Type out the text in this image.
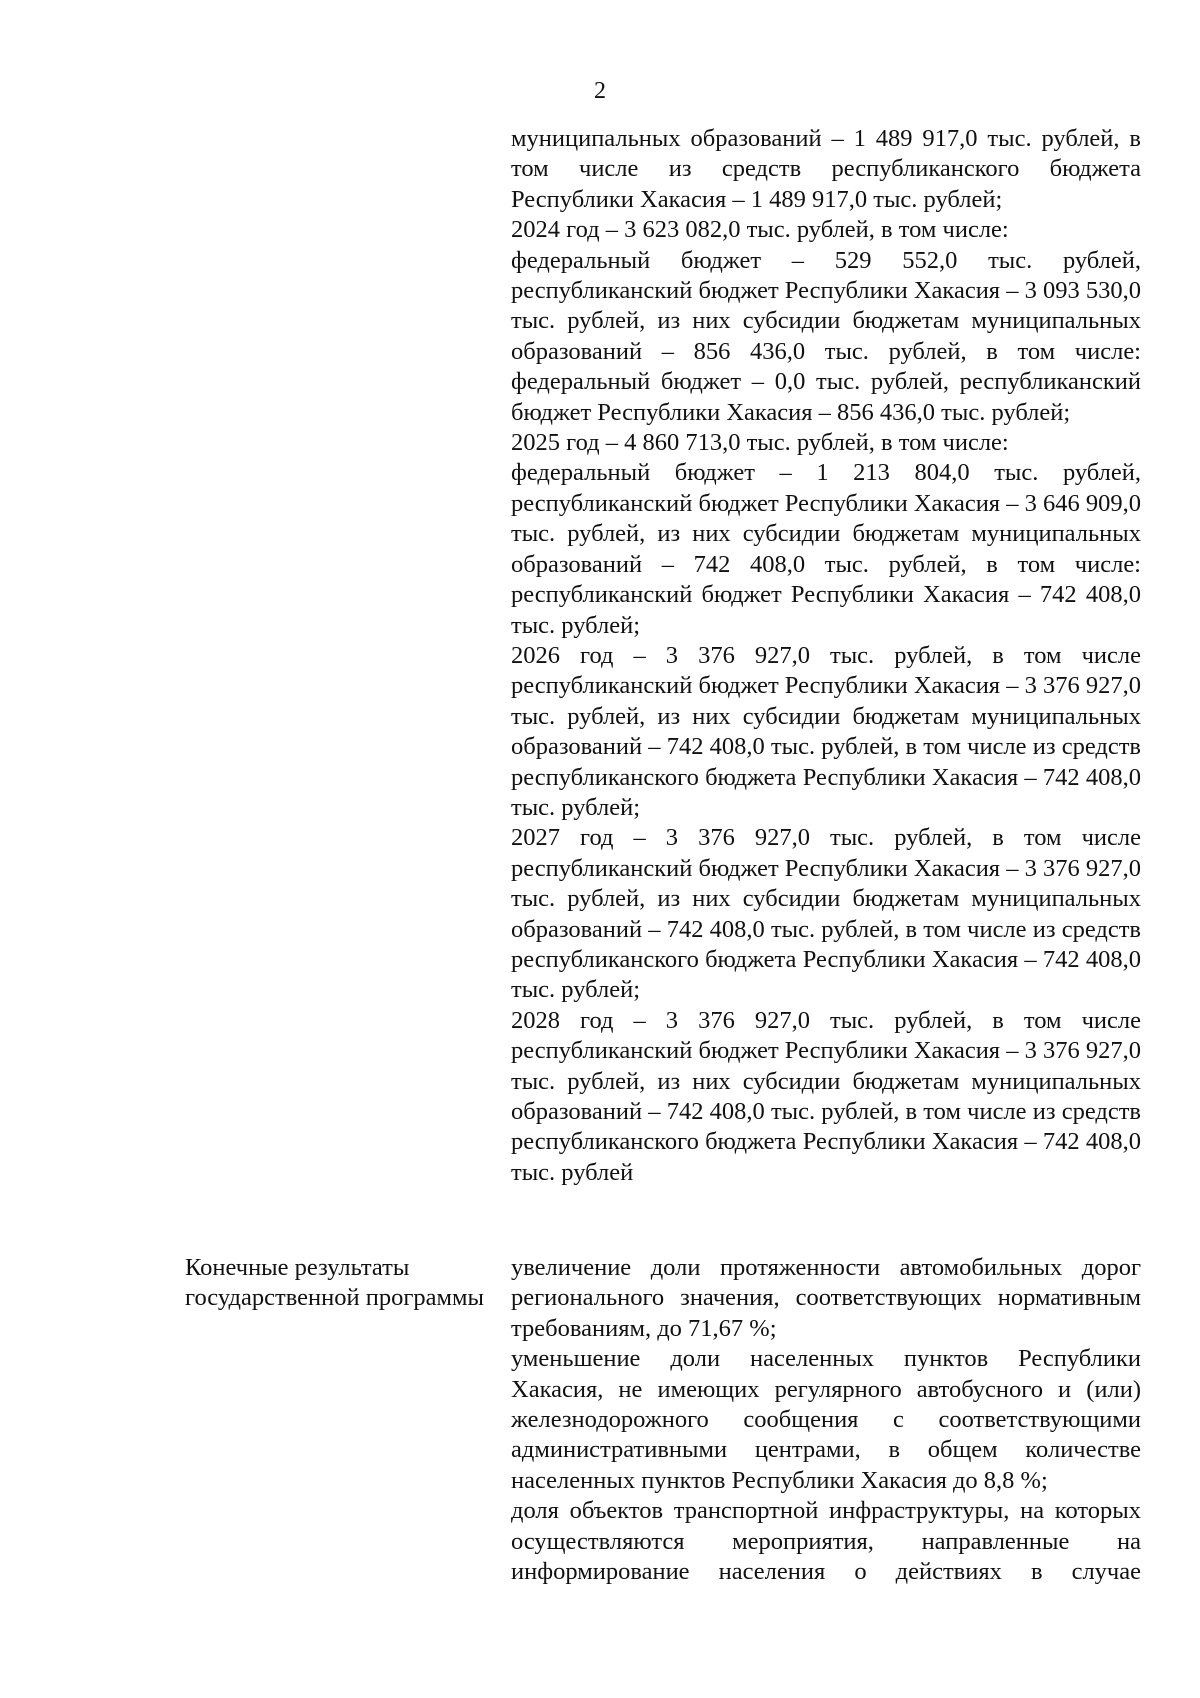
2

муниципальных образований – 1 489 917,0 тыс. рублей, в том числе из средств республиканского бюджета Республики Хакасия – 1 489 917,0 тыс. рублей;

2024 год – 3 623 082,0 тыс. рублей, в том числе:

федеральный бюджет – 529 552,0 тыс. рублей, республиканский бюджет Республики Хакасия – 3 093 530,0 тыс. рублей, из них субсидии бюджетам муниципальных образований – 856 436,0 тыс. рублей, в том числе: федеральный бюджет – 0,0 тыс. рублей, республиканский бюджет Республики Хакасия – 856 436,0 тыс. рублей;

2025 год – 4 860 713,0 тыс. рублей, в том числе:

федеральный бюджет – 1 213 804,0 тыс. рублей, республиканский бюджет Республики Хакасия – 3 646 909,0 тыс. рублей, из них субсидии бюджетам муниципальных образований – 742 408,0 тыс. рублей, в том числе: республиканский бюджет Республики Хакасия – 742 408,0 тыс. рублей;

2026 год – 3 376 927,0 тыс. рублей, в том числе республиканский бюджет Республики Хакасия – 3 376 927,0 тыс. рублей, из них субсидии бюджетам муниципальных образований – 742 408,0 тыс. рублей, в том числе из средств республиканского бюджета Республики Хакасия – 742 408,0 тыс. рублей;

2027 год – 3 376 927,0 тыс. рублей, в том числе республиканский бюджет Республики Хакасия – 3 376 927,0 тыс. рублей, из них субсидии бюджетам муниципальных образований – 742 408,0 тыс. рублей, в том числе из средств республиканского бюджета Республики Хакасия – 742 408,0 тыс. рублей;

2028 год – 3 376 927,0 тыс. рублей, в том числе республиканский бюджет Республики Хакасия – 3 376 927,0 тыс. рублей, из них субсидии бюджетам муниципальных образований – 742 408,0 тыс. рублей, в том числе из средств республиканского бюджета Республики Хакасия – 742 408,0 тыс. рублей

Конечные результаты государственной программы

увеличение доли протяженности автомобильных дорог регионального значения, соответствующих нормативным требованиям, до 71,67 %;

уменьшение доли населенных пунктов Республики Хакасия, не имеющих регулярного автобусного и (или) железнодорожного сообщения с соответствующими административными центрами, в общем количестве населенных пунктов Республики Хакасия до 8,8 %;

доля объектов транспортной инфраструктуры, на которых осуществляются мероприятия, направленные на информирование населения о действиях в случае
